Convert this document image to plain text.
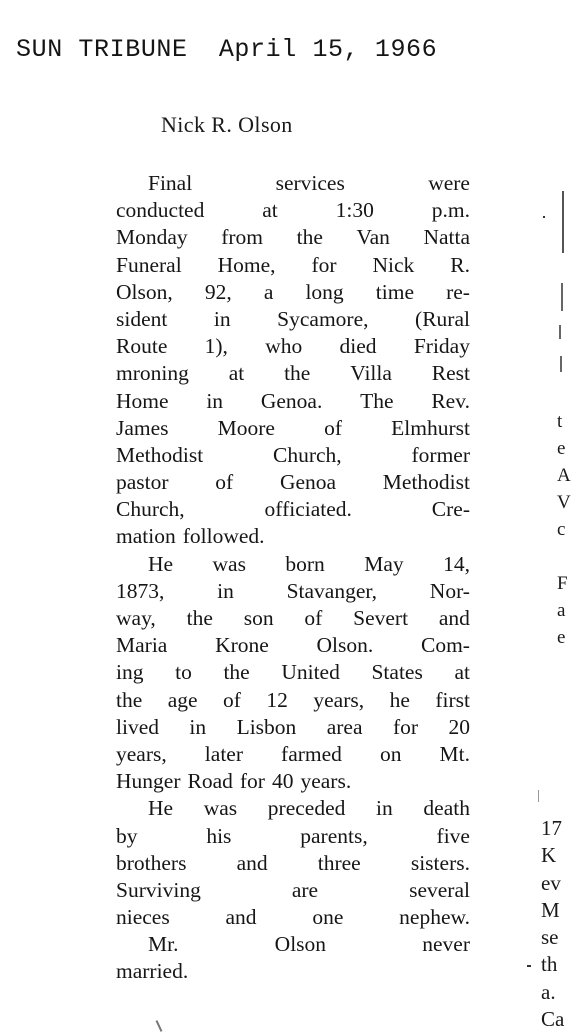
SUN TRIBUNE  April 15, 1966
Nick R. Olson
Final	services	were
conducted	at	1:30	p.m.
Monday from the Van Natta
Funeral Home, for Nick R.
Olson, 92, a long time re-
sident in Sycamore, (Rural
Route 1), who died Friday
mroning at the Villa Rest
Home in Genoa. The Rev.
James Moore of Elmhurst
Methodist	Church,	former
pastor of Genoa Methodist
Church,	officiated.	Cre-
mation followed.
He was born May 14,
1873, in Stavanger, Nor-
way, the son of Severt and
Maria Krone Olson. Com-
ing to the United States at
the age of 12 years, he first
lived in Lisbon area for 20
years, later farmed on Mt.
Hunger Road for 40 years.
He was preceded in death
by	his	parents,	five
brothers and three sisters.
Surviving	are	several
nieces	and	one	nephew.
Mr.	Olson	never
married.
t
e
A
V
c

F
a
e
17
K
ev
M
se
th
a.
Ca
